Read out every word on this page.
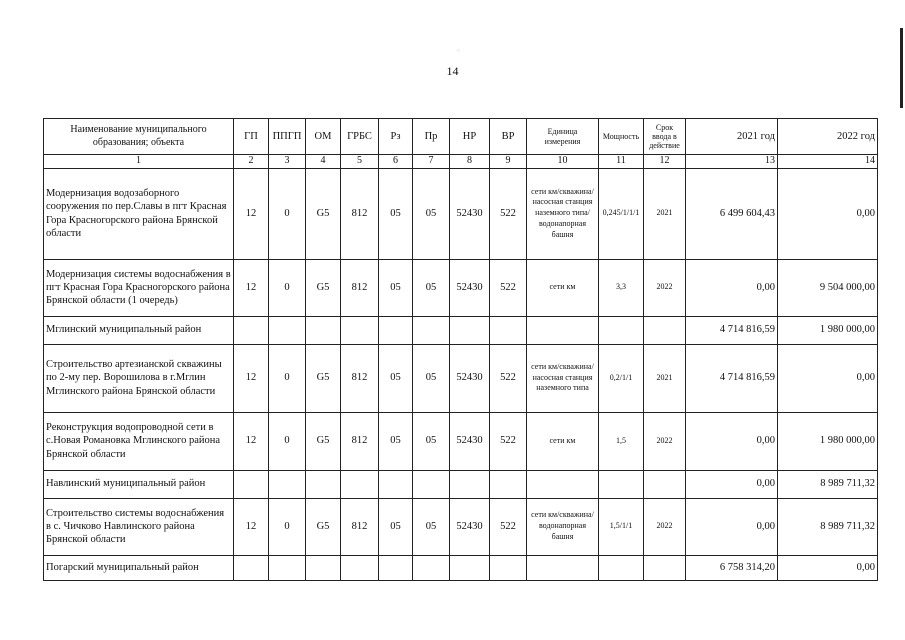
·:
14
Наименование муниципального образования; объекта	ГП	ППГП	ОМ	ГРБС	Рз	Пр	НР	ВР	Единица измерения	Мощность	Срок ввода в действие	2021 год	2022 год
1	2	3	4	5	6	7	8	9	10	11	12	13	14
Модернизация водозаборного сооружения по пер.Славы в пгт Красная Гора Красногорского района Брянской области	12	0	G5	812	05	05	52430	522	сети км/скважина/насосная станция наземного типа/водонапорная башня	0,245/1/1/1	2021	6 499 604,43	0,00
Модернизация системы водоснабжения в пгт Красная Гора Красногорского района Брянской области (1 очередь)	12	0	G5	812	05	05	52430	522	сети км	3,3	2022	0,00	9 504 000,00
Мглинский муниципальный район												4 714 816,59	1 980 000,00
Строительство артезианской скважины по 2-му пер. Ворошилова в г.Мглин Мглинского района Брянской области	12	0	G5	812	05	05	52430	522	сети км/скважина/насосная станция наземного типа	0,2/1/1	2021	4 714 816,59	0,00
Реконструкция водопроводной сети в с.Новая Романовка Мглинского района Брянской области	12	0	G5	812	05	05	52430	522	сети км	1,5	2022	0,00	1 980 000,00
Навлинский муниципальный район												0,00	8 989 711,32
Строительство системы водоснабжения в с. Чичково Навлинского района Брянской области	12	0	G5	812	05	05	52430	522	сети км/скважина/водонапорная башня	1,5/1/1	2022	0,00	8 989 711,32
Погарский муниципальный район												6 758 314,20	0,00
